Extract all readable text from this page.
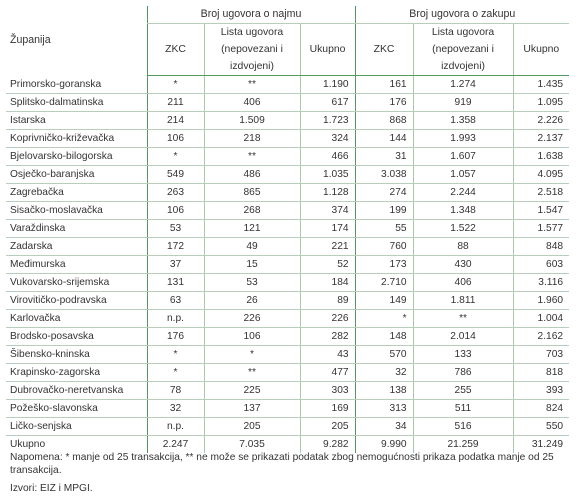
Županija	Broj ugovora o najmu			Broj ugovora o zakupu		
	ZKC	Lista ugovora (nepovezani i izdvojeni)	Ukupno	ZKC	Lista ugovora (nepovezani i izdvojeni)	Ukupno
Primorsko-goranska	*	**	1.190	161	1.274	1.435
Splitsko-dalmatinska	211	406	617	176	919	1.095
Istarska	214	1.509	1.723	868	1.358	2.226
Koprivničko-križevačka	106	218	324	144	1.993	2.137
Bjelovarsko-bilogorska	*	**	466	31	1.607	1.638
Osječko-baranjska	549	486	1.035	3.038	1.057	4.095
Zagrebačka	263	865	1.128	274	2.244	2.518
Sisačko-moslavačka	106	268	374	199	1.348	1.547
Varaždinska	53	121	174	55	1.522	1.577
Zadarska	172	49	221	760	88	848
Međimurska	37	15	52	173	430	603
Vukovarsko-srijemska	131	53	184	2.710	406	3.116
Virovitičko-podravska	63	26	89	149	1.811	1.960
Karlovačka	n.p.	226	226	*	**	1.004
Brodsko-posavska	176	106	282	148	2.014	2.162
Šibensko-kninska	*	*	43	570	133	703
Krapinsko-zagorska	*	**	477	32	786	818
Dubrovačko-neretvanska	78	225	303	138	255	393
Požeško-slavonska	32	137	169	313	511	824
Ličko-senjska	n.p.	205	205	34	516	550
Ukupno	2.247	7.035	9.282	9.990	21.259	31.249
Napomena: * manje od 25 transakcija, ** ne može se prikazati podatak zbog nemogućnosti prikaza podatka manje od 25 transakcija.
Izvori: EIZ i MPGI.
